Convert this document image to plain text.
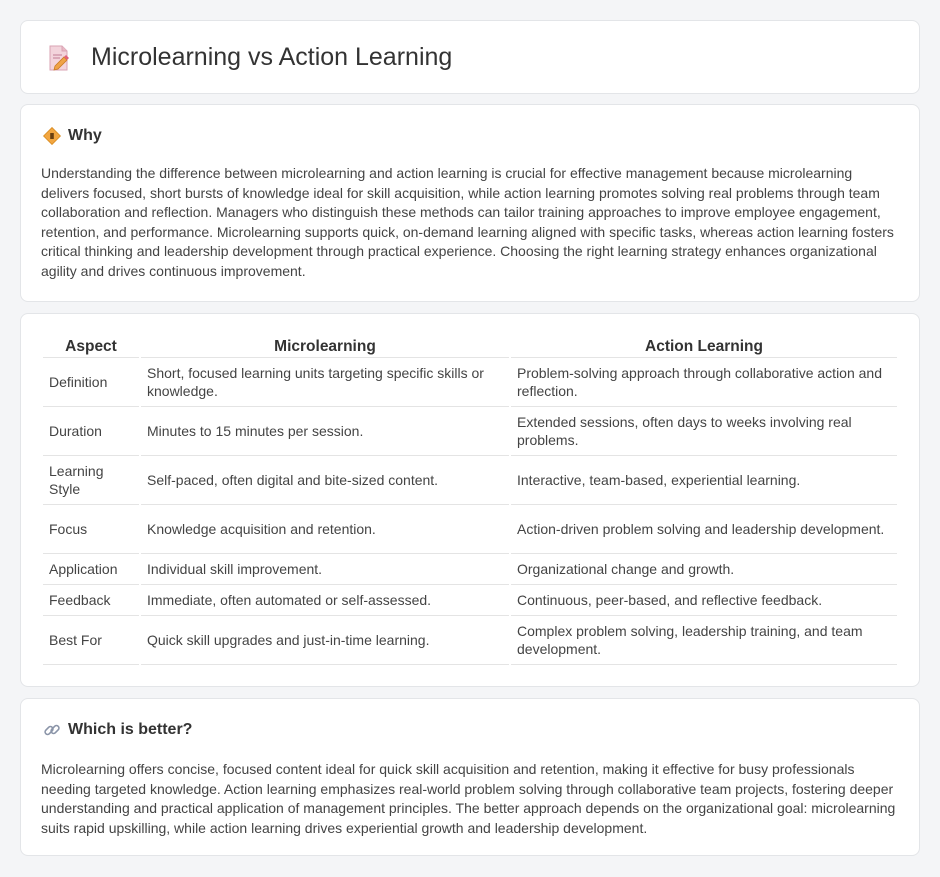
Microlearning vs Action Learning
Why

Understanding the difference between microlearning and action learning is crucial for effective management because microlearning delivers focused, short bursts of knowledge ideal for skill acquisition, while action learning promotes solving real problems through team collaboration and reflection. Managers who distinguish these methods can tailor training approaches to improve employee engagement, retention, and performance. Microlearning supports quick, on-demand learning aligned with specific tasks, whereas action learning fosters critical thinking and leadership development through practical experience. Choosing the right learning strategy enhances organizational agility and drives continuous improvement.

Aspect	Microlearning	Action Learning
Definition	Short, focused learning units targeting specific skills or knowledge.	Problem-solving approach through collaborative action and reflection.
Duration	Minutes to 15 minutes per session.	Extended sessions, often days to weeks involving real problems.
Learning Style	Self-paced, often digital and bite-sized content.	Interactive, team-based, experiential learning.
Focus	Knowledge acquisition and retention.	Action-driven problem solving and leadership development.
Application	Individual skill improvement.	Organizational change and growth.
Feedback	Immediate, often automated or self-assessed.	Continuous, peer-based, and reflective feedback.
Best For	Quick skill upgrades and just-in-time learning.	Complex problem solving, leadership training, and team development.
Which is better?

Microlearning offers concise, focused content ideal for quick skill acquisition and retention, making it effective for busy professionals needing targeted knowledge. Action learning emphasizes real-world problem solving through collaborative team projects, fostering deeper understanding and practical application of management principles. The better approach depends on the organizational goal: microlearning suits rapid upskilling, while action learning drives experiential growth and leadership development.
